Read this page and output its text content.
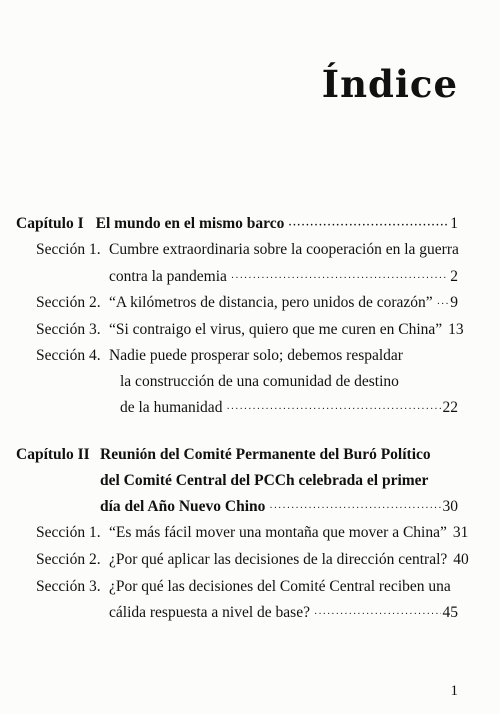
Índice
Capítulo I El mundo en el mismo barco ·····	1
Sección 1. Cumbre extraordinaria sobre la cooperación en la guerra
contra la pandemia ·····	2
Sección 2. “A kilómetros de distancia, pero unidos de corazón” ····· 9
Sección 3. “Si contraigo el virus, quiero que me curen en China” 13
Sección 4. Nadie puede prosperar solo; debemos respaldar
la construcción de una comunidad de destino
de la humanidad ·····	22
Capítulo II Reunión del Comité Permanente del Buró Político
del Comité Central del PCCh celebrada el primer
día del Año Nuevo Chino ·····	30
Sección 1. “Es más fácil mover una montaña que mover a China” 31
Sección 2. ¿Por qué aplicar las decisiones de la dirección central? 40
Sección 3. ¿Por qué las decisiones del Comité Central reciben una
cálida respuesta a nivel de base? ·····	45
1
